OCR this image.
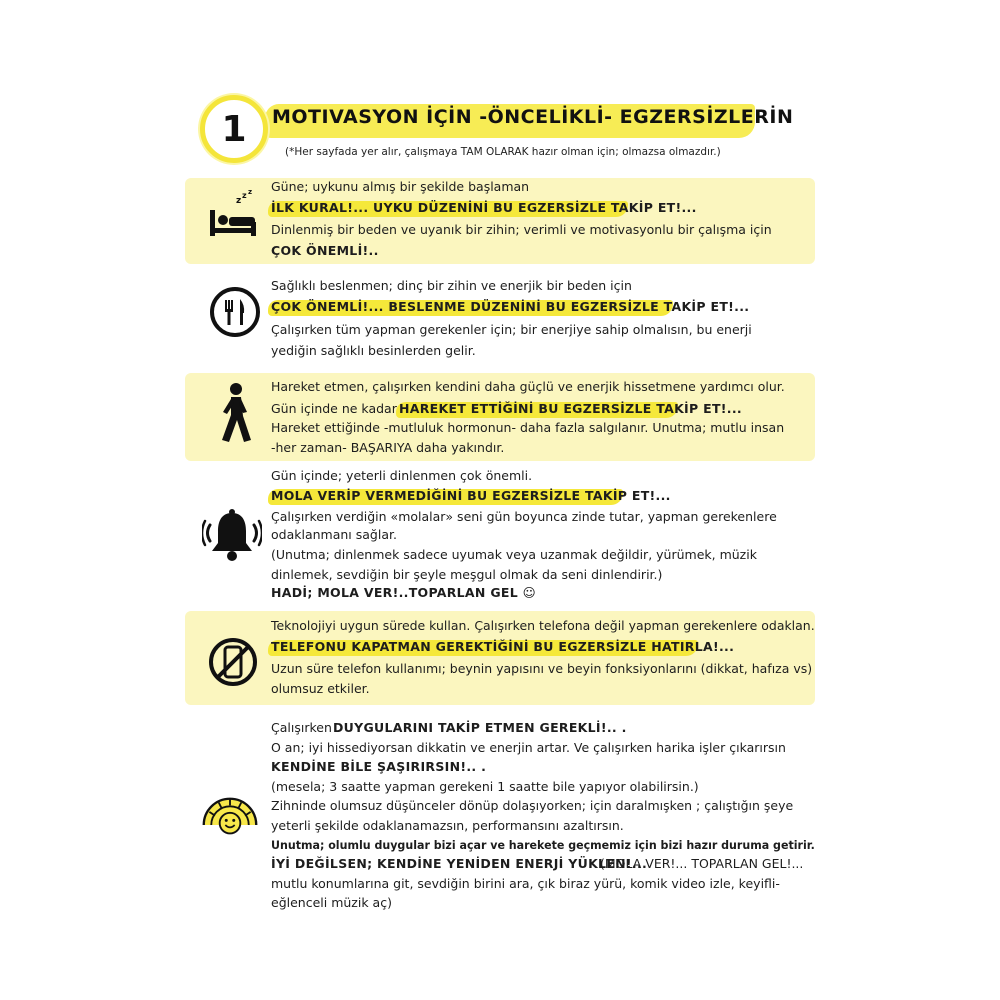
1	MOTIVASYON İÇİN -ÖNCELİKLİ- EGZERSİZLERİN
(*Her sayfada yer alır, çalışmaya TAM OLARAK hazır olman için; olmazsa olmazdır.)
z
z z Güne; uykunu almış bir şekilde başlaman
İLK KURAL!... UYKU DÜZENİNİ BU EGZERSİZLE TAKİP ET!...
Dinlenmiş bir beden ve uyanık bir zihin; verimli ve motivasyonlu bir çalışma için
ÇOK ÖNEMLİ!..
Sağlıklı beslenmen; dinç bir zihin ve enerjik bir beden için
ÇOK ÖNEMLİ!... BESLENME DÜZENİNİ BU EGZERSİZLE TAKİP ET!...
Çalışırken tüm yapman gerekenler için; bir enerjiye sahip olmalısın, bu enerji
yediğin sağlıklı besinlerden gelir.
Hareket etmen, çalışırken kendini daha güçlü ve enerjik hissetmene yardımcı olur.
Gün içinde ne kadar HAREKET ETTİĞİNİ BU EGZERSİZLE TAKİP ET!...
Hareket ettiğinde -mutluluk hormonun- daha fazla salgılanır. Unutma; mutlu insan
-her zaman- BAŞARIYA daha yakındır.
Gün içinde; yeterli dinlenmen çok önemli.
MOLA VERİP VERMEDİĞİNİ BU EGZERSİZLE TAKİP ET!...
Çalışırken verdiğin «molalar» seni gün boyunca zinde tutar, yapman gerekenlere
odaklanmanı sağlar.
(Unutma; dinlenmek sadece uyumak veya uzanmak değildir, yürümek, müzik
dinlemek, sevdiğin bir şeyle meşgul olmak da seni dinlendirir.)
HADİ; MOLA VER!..TOPARLAN GEL ☺
Teknolojiyi uygun sürede kullan. Çalışırken telefona değil yapman gerekenlere odaklan.
TELEFONU KAPATMAN GEREKTİĞİNİ BU EGZERSİZLE HATIRLA!...
Uzun süre telefon kullanımı; beynin yapısını ve beyin fonksiyonlarını (dikkat, hafıza vs)
olumsuz etkiler.
Çalışırken DUYGULARINI TAKİP ETMEN GEREKLİ!.. .
O an; iyi hissediyorsan dikkatin ve enerjin artar. Ve çalışırken harika işler çıkarırsın
KENDİNE BİLE ŞAŞIRIRSIN!.. .
(mesela; 3 saatte yapman gerekeni 1 saatte bile yapıyor olabilirsin.)
Zihninde olumsuz düşünceler dönüp dolaşıyorken; için daralmışken ; çalıştığın şeye
yeterli şekilde odaklanamazsın, performansını azaltırsın.
Unutma; olumlu duygular bizi açar ve harekete geçmemiz için bizi hazır duruma getirir.
İYİ DEĞİLSEN; KENDİNE YENİDEN ENERJİ YÜKLEN!...
(MOLA VER!... TOPARLAN GEL!...
mutlu konumlarına git, sevdiğin birini ara, çık biraz yürü, komik video izle, keyifli-
eğlenceli müzik aç)
